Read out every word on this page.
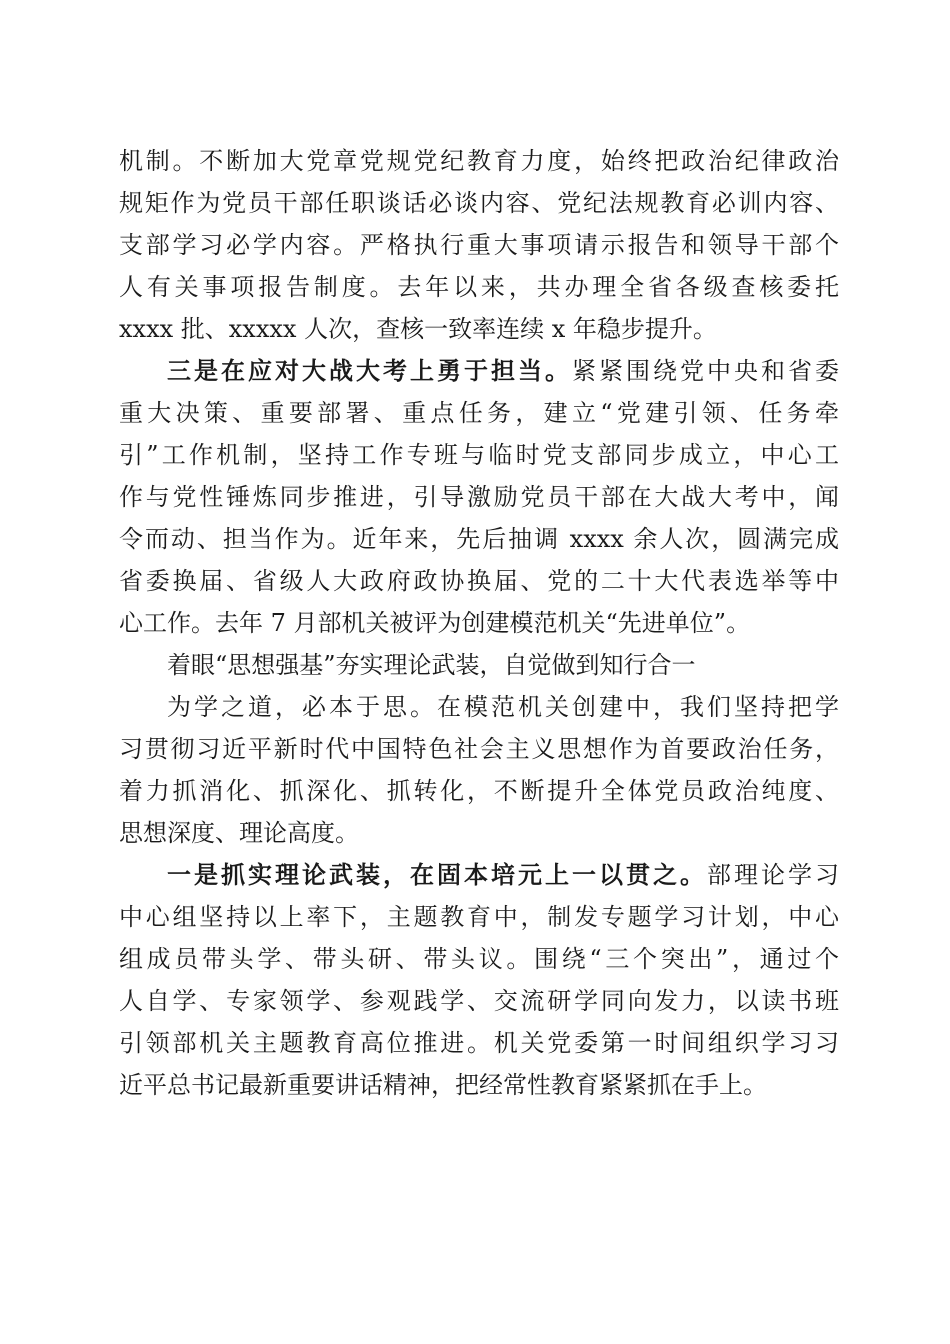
机制。不断加大党章党规党纪教育力度，始终把政治纪律政治
规矩作为党员干部任职谈话必谈内容、党纪法规教育必训内容、
支部学习必学内容。严格执行重大事项请示报告和领导干部个
人有关事项报告制度。去年以来，共办理全省各级查核委托
xxxx 批、xxxxx 人次，查核一致率连续 x 年稳步提升。
三是在应对大战大考上勇于担当。紧紧围绕党中央和省委
重大决策、重要部署、重点任务，建立“党建引领、任务牵
引”工作机制，坚持工作专班与临时党支部同步成立，中心工
作与党性锤炼同步推进，引导激励党员干部在大战大考中，闻
令而动、担当作为。近年来，先后抽调 xxxx 余人次，圆满完成
省委换届、省级人大政府政协换届、党的二十大代表选举等中
心工作。去年 7 月部机关被评为创建模范机关“先进单位”。
着眼“思想强基”夯实理论武装，自觉做到知行合一
为学之道，必本于思。在模范机关创建中，我们坚持把学
习贯彻习近平新时代中国特色社会主义思想作为首要政治任务，
着力抓消化、抓深化、抓转化，不断提升全体党员政治纯度、
思想深度、理论高度。
一是抓实理论武装，在固本培元上一以贯之。部理论学习
中心组坚持以上率下，主题教育中，制发专题学习计划，中心
组成员带头学、带头研、带头议。围绕“三个突出”，通过个
人自学、专家领学、参观践学、交流研学同向发力，以读书班
引领部机关主题教育高位推进。机关党委第一时间组织学习习
近平总书记最新重要讲话精神，把经常性教育紧紧抓在手上。
